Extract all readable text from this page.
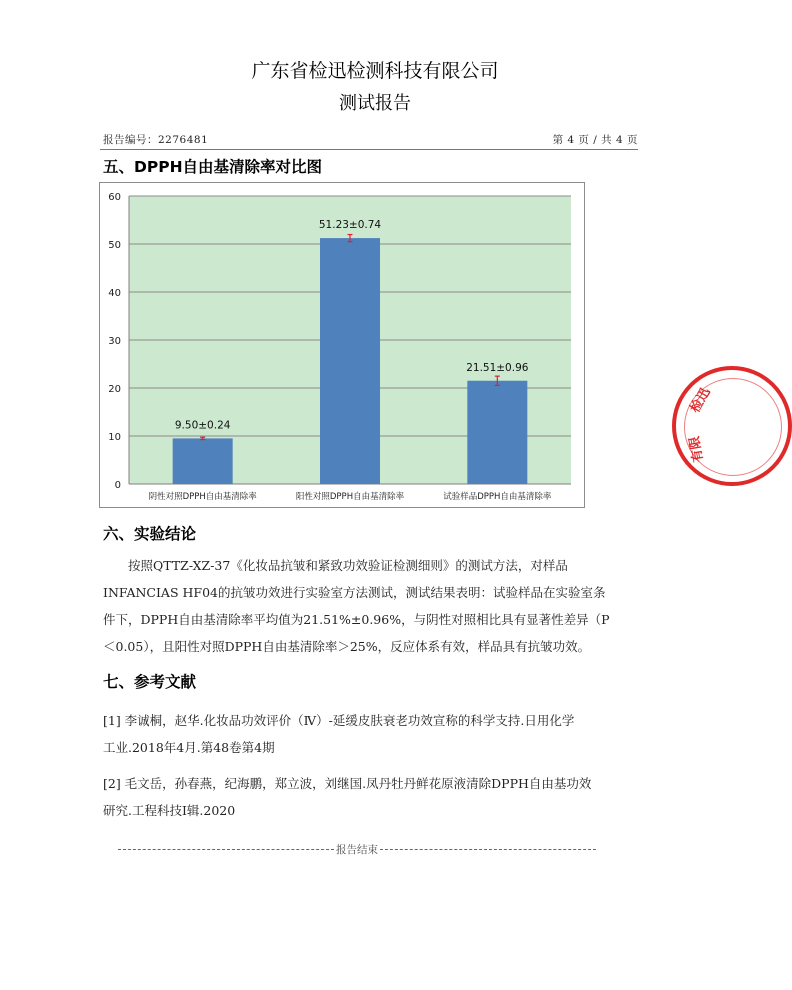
广东省检迅检测科技有限公司
测试报告
报告编号：2276481	第 4 页 / 共 4 页
五、DPPH自由基清除率对比图
0
10
20
30
40
50
60
9.50±0.24
阴性对照DPPH自由基清除率
51.23±0.74
阳性对照DPPH自由基清除率
21.51±0.96
试验样品DPPH自由基清除率
六、实验结论
按照QTTZ-XZ-37《化妆品抗皱和紧致功效验证检测细则》的测试方法，对样品
INFANCIAS HF04的抗皱功效进行实验室方法测试，测试结果表明：试验样品在实验室条
件下，DPPH自由基清除率平均值为21.51%±0.96%，与阴性对照相比具有显著性差异（P
＜0.05），且阳性对照DPPH自由基清除率＞25%，反应体系有效，样品具有抗皱功效。
七、参考文献
[1] 李诚桐，赵华.化妆品功效评价（Ⅳ）-延缓皮肤衰老功效宣称的科学支持.日用化学
工业.2018年4月.第48卷第4期
[2] 毛文岳，孙春燕，纪海鹏，郑立波，刘继国.凤丹牡丹鲜花原液清除DPPH自由基功效
研究.工程科技Ⅰ辑.2020
报告结束
检迅
有限
